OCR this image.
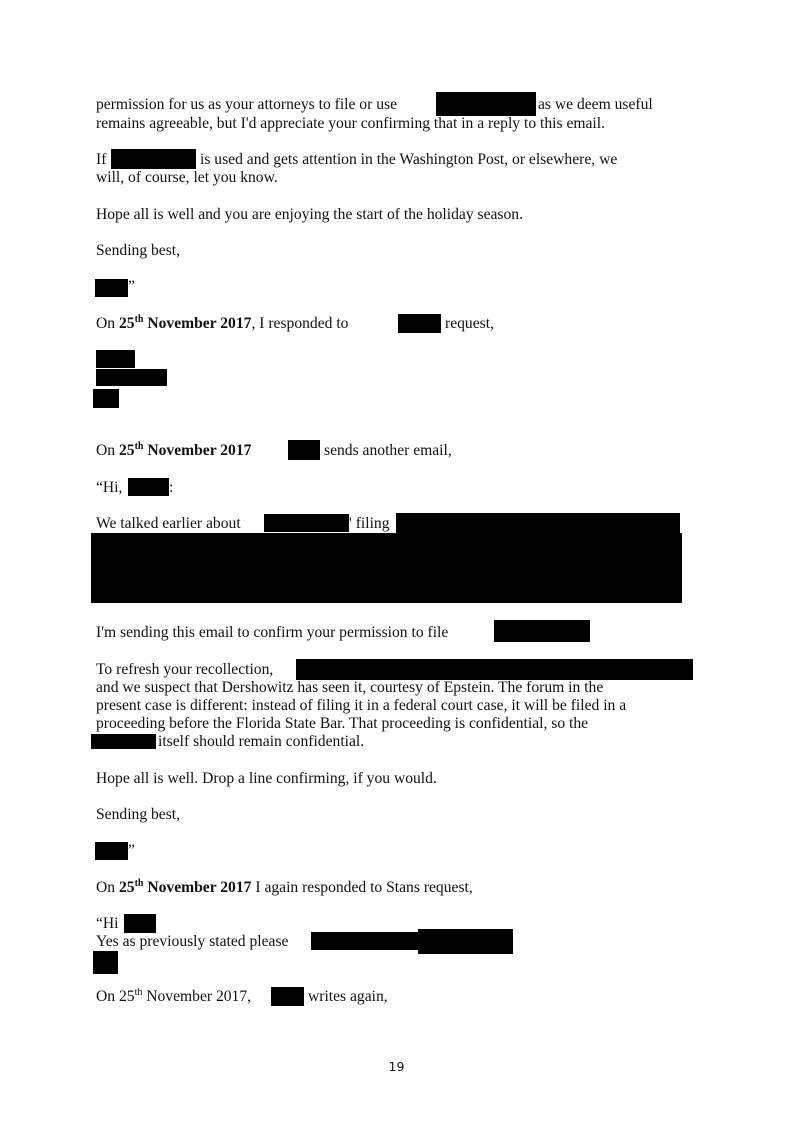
permission for us as your attorneys to file or use	as we deem useful
remains agreeable, but I'd appreciate your confirming that in a reply to this email.
If	is used and gets attention in the Washington Post, or elsewhere, we
will, of course, let you know.
Hope all is well and you are enjoying the start of the holiday season.
Sending best,
”
On 25th November 2017, I responded to	request,
On 25th November 2017	sends another email,
“Hi,	:
We talked earlier about	' filing
I'm sending this email to confirm your permission to file
To refresh your recollection,
and we suspect that Dershowitz has seen it, courtesy of Epstein. The forum in the
present case is different: instead of filing it in a federal court case, it will be filed in a
proceeding before the Florida State Bar. That proceeding is confidential, so the
itself should remain confidential.
Hope all is well. Drop a line confirming, if you would.
Sending best,
”
On 25th November 2017 I again responded to Stans request,
“Hi
Yes as previously stated please
On 25th November 2017,	writes again,
19
